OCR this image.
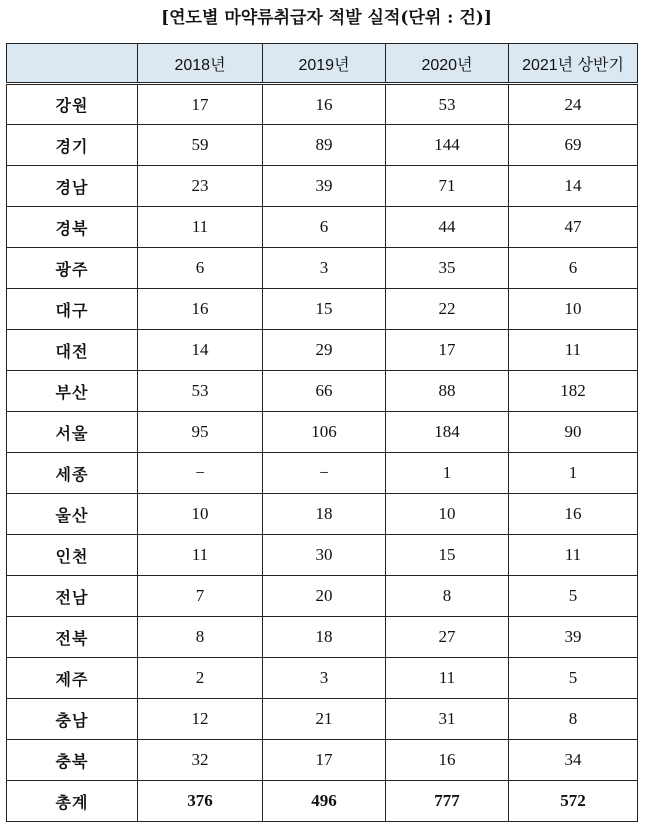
[연도별 마약류취급자 적발 실적(단위 : 건)]
	2018년	2019년	2020년	2021년 상반기
강원	17	16	53	24
경기	59	89	144	69
경남	23	39	71	14
경북	11	6	44	47
광주	6	3	35	6
대구	16	15	22	10
대전	14	29	17	11
부산	53	66	88	182
서울	95	106	184	90
세종	−	−	1	1
울산	10	18	10	16
인천	11	30	15	11
전남	7	20	8	5
전북	8	18	27	39
제주	2	3	11	5
충남	12	21	31	8
충북	32	17	16	34
총계	376	496	777	572
